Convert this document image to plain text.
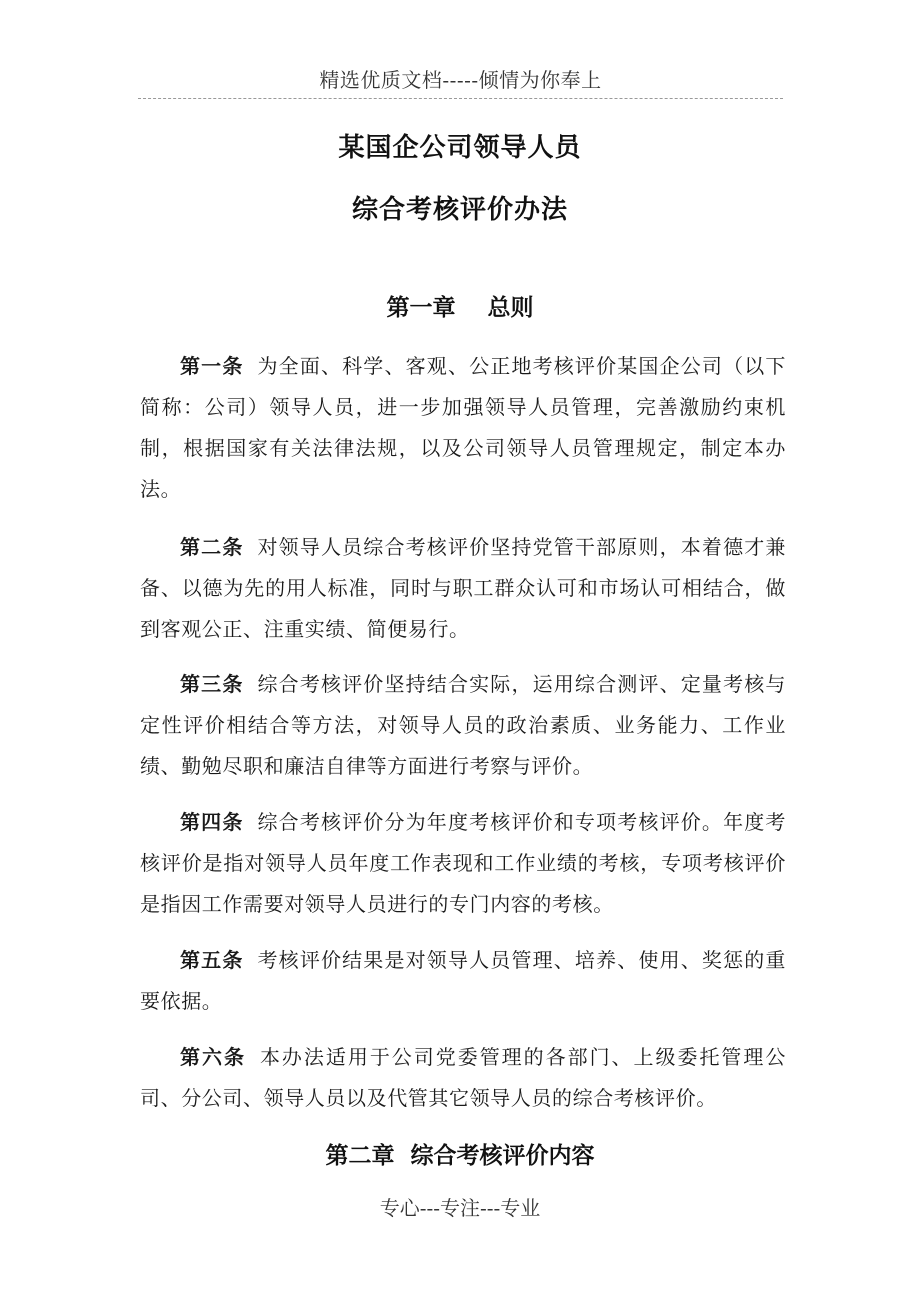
精选优质文档-----倾情为你奉上
某国企公司领导人员
综合考核评价办法
第一章    总则

第一条 为全面、科学、客观、公正地考核评价某国企公司（以下简称：公司）领导人员，进一步加强领导人员管理，完善激励约束机制，根据国家有关法律法规，以及公司领导人员管理规定，制定本办法。

第二条 对领导人员综合考核评价坚持党管干部原则，本着德才兼备、以德为先的用人标准，同时与职工群众认可和市场认可相结合，做到客观公正、注重实绩、简便易行。

第三条 综合考核评价坚持结合实际，运用综合测评、定量考核与定性评价相结合等方法，对领导人员的政治素质、业务能力、工作业绩、勤勉尽职和廉洁自律等方面进行考察与评价。

第四条 综合考核评价分为年度考核评价和专项考核评价。年度考核评价是指对领导人员年度工作表现和工作业绩的考核，专项考核评价是指因工作需要对领导人员进行的专门内容的考核。

第五条 考核评价结果是对领导人员管理、培养、使用、奖惩的重要依据。

第六条 本办法适用于公司党委管理的各部门、上级委托管理公司、分公司、领导人员以及代管其它领导人员的综合考核评价。

第二章  综合考核评价内容
专心---专注---专业
